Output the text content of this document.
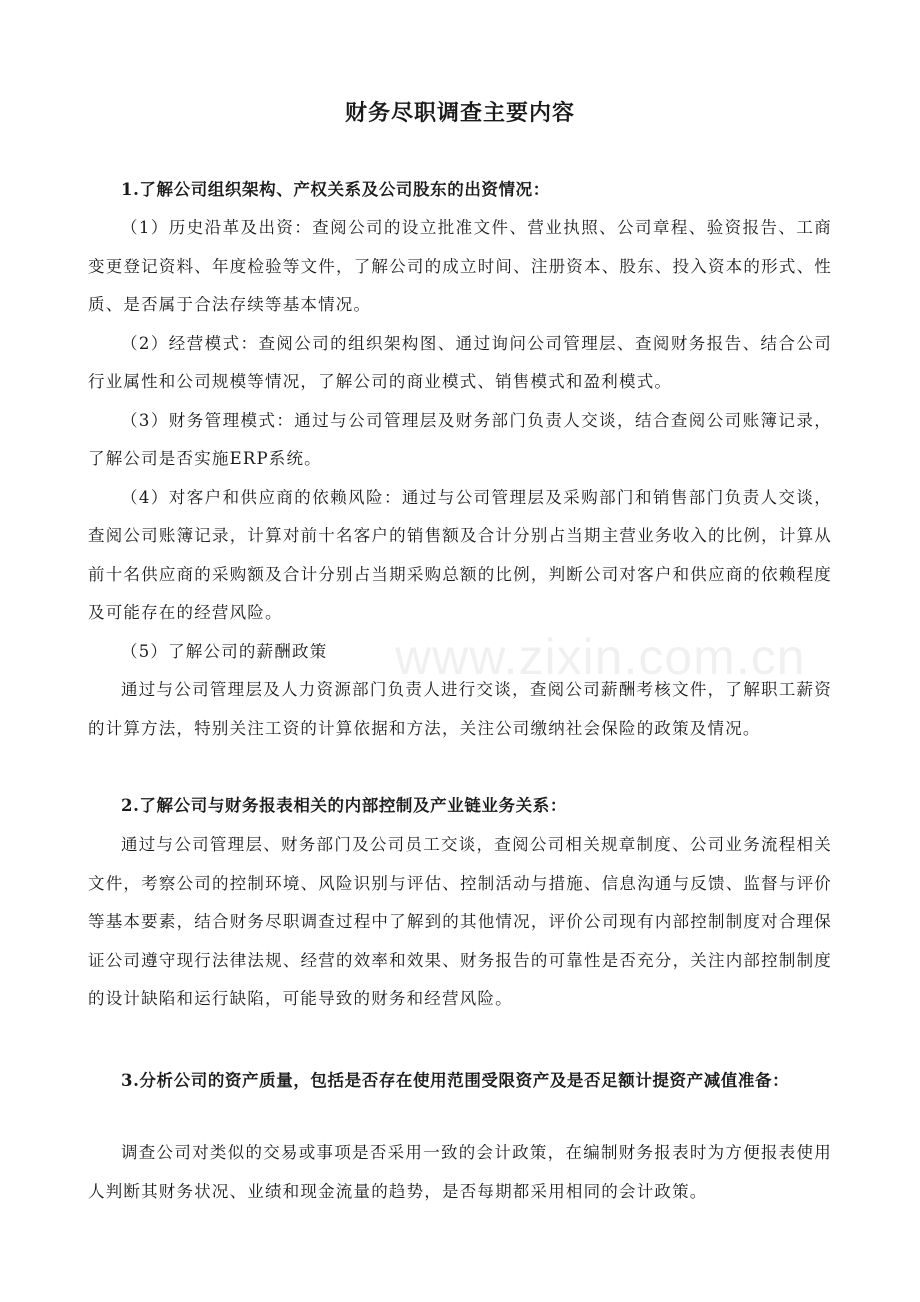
www.zixin.com.cn
财务尽职调查主要内容
1.了解公司组织架构、产权关系及公司股东的出资情况：

（1）历史沿革及出资：查阅公司的设立批准文件、营业执照、公司章程、验资报告、工商变更登记资料、年度检验等文件，了解公司的成立时间、注册资本、股东、投入资本的形式、性质、是否属于合法存续等基本情况。

（2）经营模式：查阅公司的组织架构图、通过询问公司管理层、查阅财务报告、结合公司行业属性和公司规模等情况，了解公司的商业模式、销售模式和盈利模式。

（3）财务管理模式：通过与公司管理层及财务部门负责人交谈，结合查阅公司账簿记录，了解公司是否实施ERP系统。

（4）对客户和供应商的依赖风险：通过与公司管理层及采购部门和销售部门负责人交谈，查阅公司账簿记录，计算对前十名客户的销售额及合计分别占当期主营业务收入的比例，计算从前十名供应商的采购额及合计分别占当期采购总额的比例，判断公司对客户和供应商的依赖程度及可能存在的经营风险。

（5）了解公司的薪酬政策

通过与公司管理层及人力资源部门负责人进行交谈，查阅公司薪酬考核文件，了解职工薪资的计算方法，特别关注工资的计算依据和方法，关注公司缴纳社会保险的政策及情况。

2.了解公司与财务报表相关的内部控制及产业链业务关系：

通过与公司管理层、财务部门及公司员工交谈，查阅公司相关规章制度、公司业务流程相关文件，考察公司的控制环境、风险识别与评估、控制活动与措施、信息沟通与反馈、监督与评价等基本要素，结合财务尽职调查过程中了解到的其他情况，评价公司现有内部控制制度对合理保证公司遵守现行法律法规、经营的效率和效果、财务报告的可靠性是否充分，关注内部控制制度的设计缺陷和运行缺陷，可能导致的财务和经营风险。

3.分析公司的资产质量，包括是否存在使用范围受限资产及是否足额计提资产减值准备：

调查公司对类似的交易或事项是否采用一致的会计政策，在编制财务报表时为方便报表使用人判断其财务状况、业绩和现金流量的趋势，是否每期都采用相同的会计政策。
